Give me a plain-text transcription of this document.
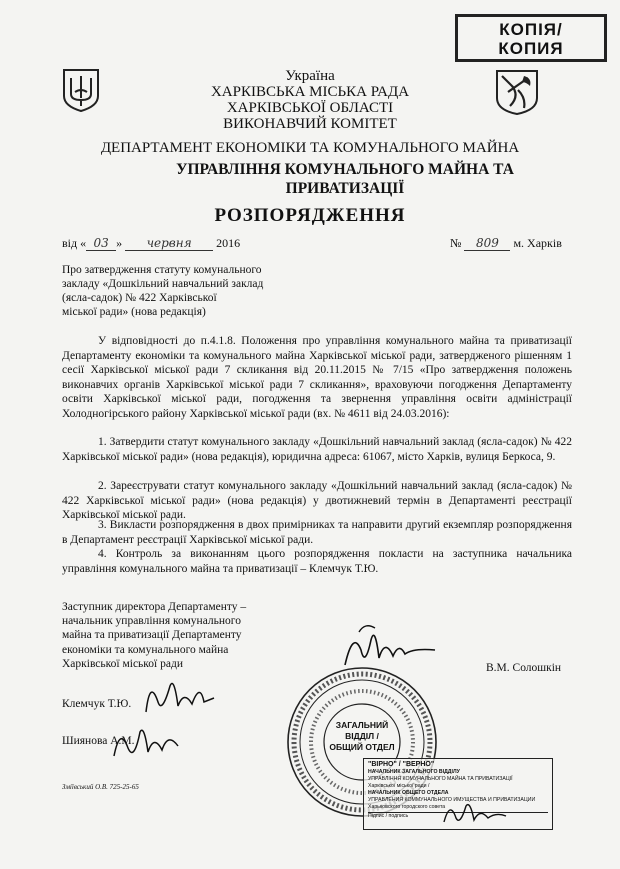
КОПІЯ/
КОПИЯ
Україна
ХАРКІВСЬКА МІСЬКА РАДА
ХАРКІВСЬКОЇ ОБЛАСТІ
ВИКОНАВЧИЙ КОМІТЕТ
ДЕПАРТАМЕНТ ЕКОНОМІКИ ТА КОМУНАЛЬНОГО МАЙНА
УПРАВЛІННЯ КОМУНАЛЬНОГО МАЙНА ТА
ПРИВАТИЗАЦІЇ
РОЗПОРЯДЖЕННЯ
від « 03 » червня 2016	№ 809 м. Харків
Про затвердження статуту комунального
закладу «Дошкільний навчальний заклад
(ясла-садок) № 422 Харківської
міської ради» (нова редакція)

У відповідності до п.4.1.8. Положення про управління комунального майна та приватизації Департаменту економіки та комунального майна Харківської міської ради, затвердженого рішенням 1 сесії Харківської міської ради 7 скликання від 20.11.2015 № 7/15 «Про затвердження положень виконавчих органів Харківської міської ради 7 скликання», враховуючи погодження Департаменту освіти Харківської міської ради, погодження та звернення управління освіти адміністрації Холодногірського району Харківської міської ради (вх. № 4611 від 24.03.2016):

1. Затвердити статут комунального закладу «Дошкільний навчальний заклад (ясла-садок) № 422 Харківської міської ради» (нова редакція), юридична адреса: 61067, місто Харків, вулиця Беркоса, 9.

2. Зареєструвати статут комунального закладу «Дошкільний навчальний заклад (ясла-садок) № 422 Харківської міської ради» (нова редакція) у двотижневий термін в Департаменті реєстрації Харківської міської ради.

3. Викласти розпорядження в двох примірниках та направити другий екземпляр розпорядження в Департамент реєстрації Харківської міської ради.

4. Контроль за виконанням цього розпорядження покласти на заступника начальника управління комунального майна та приватизації – Клемчук Т.Ю.

Заступник директора Департаменту –
начальник управління комунального
майна та приватизації Департаменту
економіки та комунального майна
Харківської міської ради	В.М. Солошкін
Клемчук Т.Ю.
Шиянова А.М.
Зміївський О.В. 725-25-65
ЗАГАЛЬНИЙ
ВІДДІЛ /
ОБЩИЙ ОТДЕЛ
"ВІРНО" / "ВЕРНО"
НАЧАЛЬНИК ЗАГАЛЬНОГО ВІДДІЛУ
УПРАВЛІННЯ КОМУНАЛЬНОГО МАЙНА ТА ПРИВАТИЗАЦІЇ
Харківської міської ради /
НАЧАЛЬНИК ОБЩЕГО ОТДЕЛА
УПРАВЛЕНИЯ КОММУНАЛЬНОГО ИМУЩЕСТВА И ПРИВАТИЗАЦИИ
Харьковского городского совета
Підпис / подпись
